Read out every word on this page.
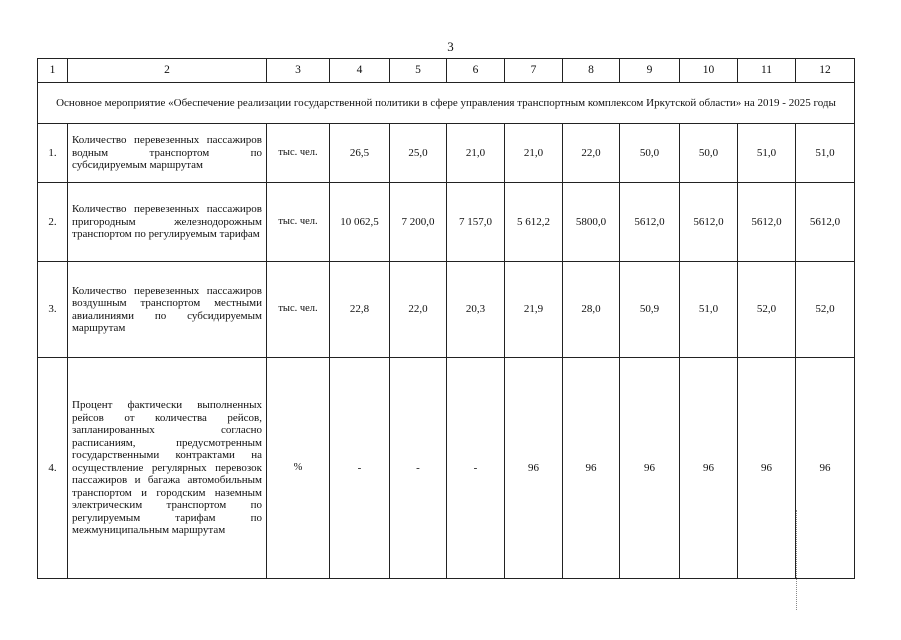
3
1	2	3	4	5	6	7	8	9	10	11	12
Основное мероприятие «Обеспечение реализации государственной политики в сфере управления транспортным комплексом Иркутской области» на 2019 - 2025 годы											
1.	Количество перевезенных пассажиров водным транспортом по субсидируемым маршрутам	тыс. чел.	26,5	25,0	21,0	21,0	22,0	50,0	50,0	51,0	51,0
2.	Количество перевезенных пассажиров пригородным железнодорожным транспортом по регулируемым тарифам	тыс. чел.	10 062,5	7 200,0	7 157,0	5 612,2	5800,0	5612,0	5612,0	5612,0	5612,0
3.	Количество перевезенных пассажиров воздушным транспортом местными авиалиниями по субсидируемым маршрутам	тыс. чел.	22,8	22,0	20,3	21,9	28,0	50,9	51,0	52,0	52,0
4.	Процент фактически выполненных рейсов от количества рейсов, запланированных согласно расписаниям, предусмотренным государственными контрактами на осуществление регулярных перевозок пассажиров и багажа автомобильным транспортом и городским наземным электрическим транспортом по регулируемым тарифам по межмуниципальным маршрутам	%	-	-	-	96	96	96	96	96	96
